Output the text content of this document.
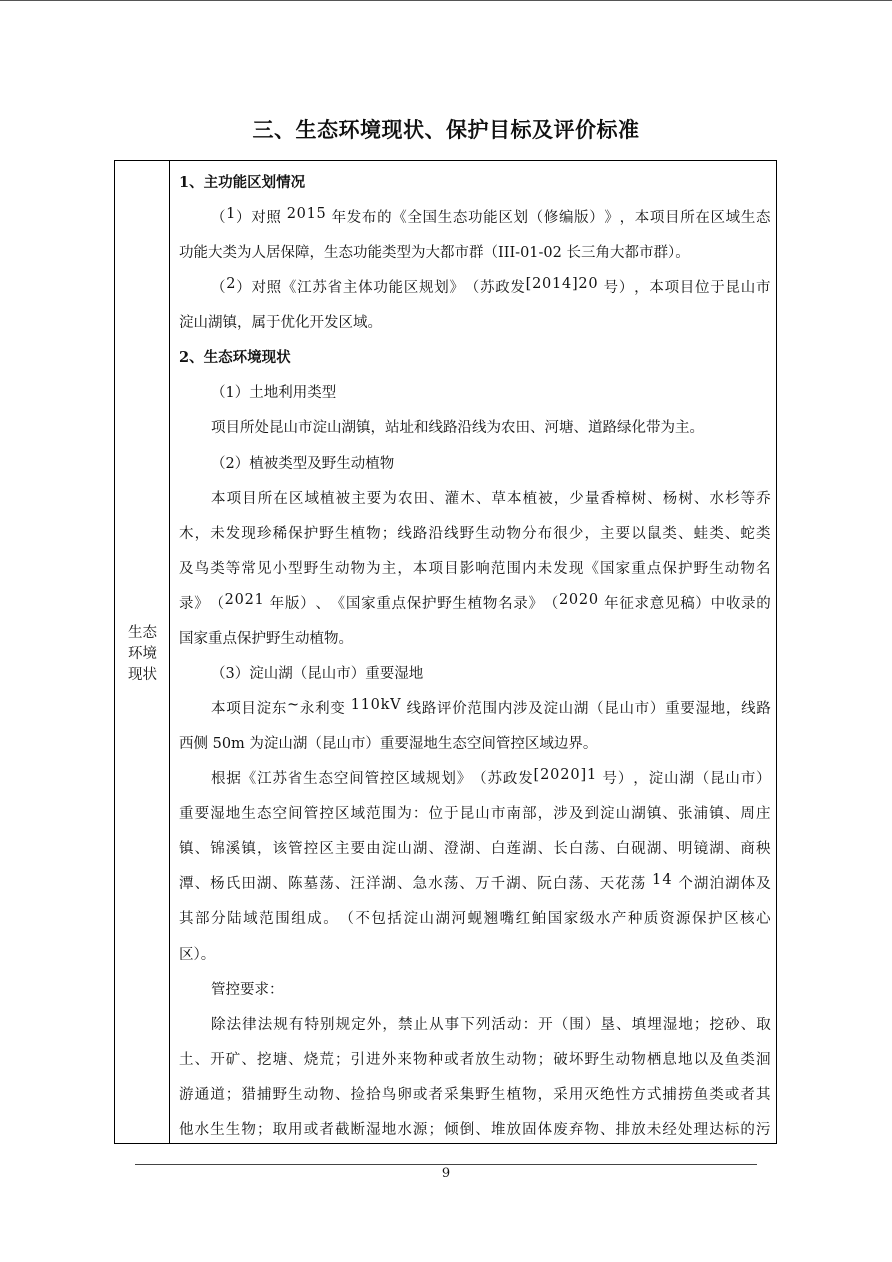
三、生态环境现状、保护目标及评价标准
生态
环境
现状
1、主功能区划情况
（ 1 ） 对 照
2 0 1 5
年 发 布 的 《 全 国 生 态 功 能 区 划 （ 修 编 版 ） 》 ， 本 项 目 所 在 区 域 生 态
功能大类为人居保障，生态功能类型为大都市群（III-01-02 长三角大都市群）。
（ 2 ） 对 照 《 江 苏 省 主 体 功 能 区 规 划 》 （ 苏 政 发 [ 2 0 1 4 ] 2 0
号 ） ， 本 项 目 位 于 昆 山 市
淀山湖镇，属于优化开发区域。
2、生态环境现状
（1）土地利用类型
项目所处昆山市淀山湖镇，站址和线路沿线为农田、河塘、道路绿化带为主。
（2）植被类型及野生动植物
本 项 目 所 在 区 域 植 被 主 要 为 农 田 、 灌 木 、 草 本 植 被 ， 少 量 香 樟 树 、 杨 树 、 水 杉 等 乔
木 ， 未 发 现 珍 稀 保 护 野 生 植 物 ； 线 路 沿 线 野 生 动 物 分 布 很 少 ， 主 要 以 鼠 类 、 蛙 类 、 蛇 类
及 鸟 类 等 常 见 小 型 野 生 动 物 为 主 ， 本 项 目 影 响 范 围 内 未 发 现 《 国 家 重 点 保 护 野 生 动 物 名
录 》 （ 2 0 2 1
年 版 ） 、 《 国 家 重 点 保 护 野 生 植 物 名 录 》 （ 2 0 2 0
年 征 求 意 见 稿 ） 中 收 录 的
国家重点保护野生动植物。
（3）淀山湖（昆山市）重要湿地
本 项 目 淀 东 ~ 永 利 变
1 1 0 k V
线 路 评 价 范 围 内 涉 及 淀 山 湖 （ 昆 山 市 ） 重 要 湿 地 ， 线 路
西侧 50m 为淀山湖（昆山市）重要湿地生态空间管控区域边界。
根 据 《 江 苏 省 生 态 空 间 管 控 区 域 规 划 》 （ 苏 政 发 [ 2 0 2 0 ] 1
号 ） ， 淀 山 湖 （ 昆 山 市 ）
重 要 湿 地 生 态 空 间 管 控 区 域 范 围 为 ： 位 于 昆 山 市 南 部 ， 涉 及 到 淀 山 湖 镇 、 张 浦 镇 、 周 庄
镇 、 锦 溪 镇 ， 该 管 控 区 主 要 由 淀 山 湖 、 澄 湖 、 白 莲 湖 、 长 白 荡 、 白 砚 湖 、 明 镜 湖 、 商 秧
潭 、 杨 氏 田 湖 、 陈 墓 荡 、 汪 洋 湖 、 急 水 荡 、 万 千 湖 、 阮 白 荡 、 天 花 荡
1 4
个 湖 泊 湖 体 及
其 部 分 陆 域 范 围 组 成 。 （ 不 包 括 淀 山 湖 河 蚬 翘 嘴 红 鲌 国 家 级 水 产 种 质 资 源 保 护 区 核 心
区）。
管控要求：
除 法 律 法 规 有 特 别 规 定 外 ， 禁 止 从 事 下 列 活 动 ： 开 （ 围 ） 垦 、 填 埋 湿 地 ； 挖 砂 、 取
土 、 开 矿 、 挖 塘 、 烧 荒 ； 引 进 外 来 物 种 或 者 放 生 动 物 ； 破 坏 野 生 动 物 栖 息 地 以 及 鱼 类 洄
游 通 道 ； 猎 捕 野 生 动 物 、 捡 拾 鸟 卵 或 者 采 集 野 生 植 物 ， 采 用 灭 绝 性 方 式 捕 捞 鱼 类 或 者 其
他 水 生 生 物 ； 取 用 或 者 截 断 湿 地 水 源 ； 倾 倒 、 堆 放 固 体 废 弃 物 、 排 放 未 经 处 理 达 标 的 污
9
